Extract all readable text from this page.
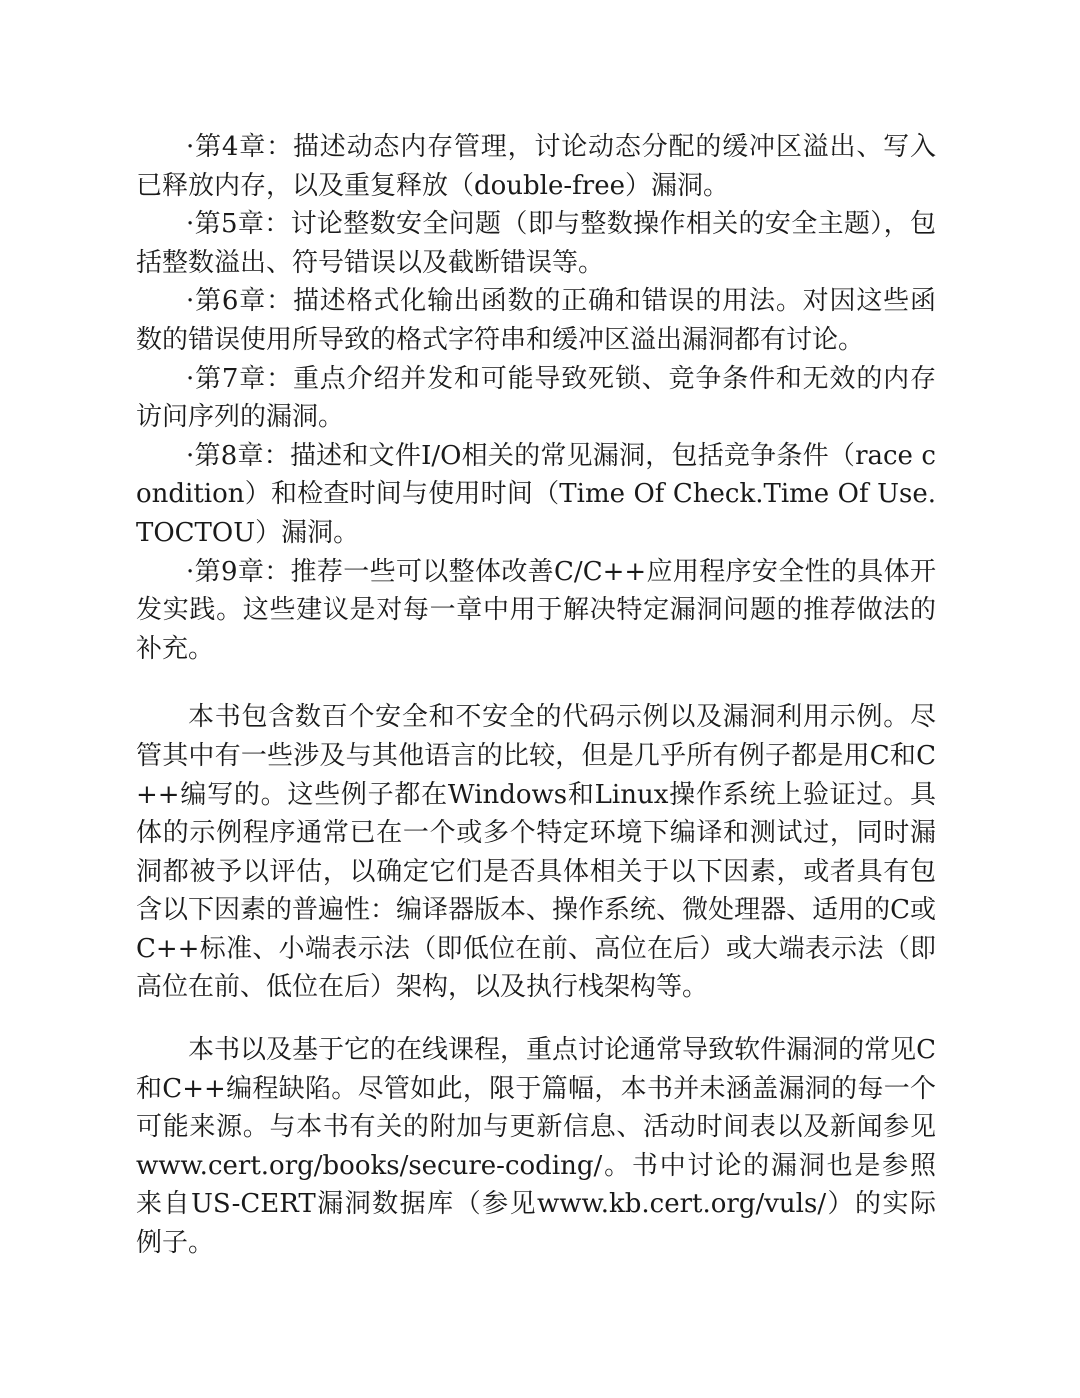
·第4章：描述动态内存管理，讨论动态分配的缓冲区溢出、写入已释放内存，以及重复释放（double-free）漏洞。

·第5章：讨论整数安全问题（即与整数操作相关的安全主题），包括整数溢出、符号错误以及截断错误等。

·第6章：描述格式化输出函数的正确和错误的用法。对因这些函数的错误使用所导致的格式字符串和缓冲区溢出漏洞都有讨论。

·第7章：重点介绍并发和可能导致死锁、竞争条件和无效的内存访问序列的漏洞。

·第8章：描述和文件I/O相关的常见漏洞，包括竞争条件（race condition）和检查时间与使用时间（Time Of Check.Time Of Use.TOCTOU）漏洞。

·第9章：推荐一些可以整体改善C/C++应用程序安全性的具体开发实践。这些建议是对每一章中用于解决特定漏洞问题的推荐做法的补充。

本书包含数百个安全和不安全的代码示例以及漏洞利用示例。尽管其中有一些涉及与其他语言的比较，但是几乎所有例子都是用C和C++编写的。这些例子都在Windows和Linux操作系统上验证过。具体的示例程序通常已在一个或多个特定环境下编译和测试过，同时漏洞都被予以评估，以确定它们是否具体相关于以下因素，或者具有包含以下因素的普遍性：编译器版本、操作系统、微处理器、适用的C或C++标准、小端表示法（即低位在前、高位在后）或大端表示法（即高位在前、低位在后）架构，以及执行栈架构等。

本书以及基于它的在线课程，重点讨论通常导致软件漏洞的常见C和C++编程缺陷。尽管如此，限于篇幅，本书并未涵盖漏洞的每一个可能来源。与本书有关的附加与更新信息、活动时间表以及新闻参见www.cert.org/books/secure-coding/。书中讨论的漏洞也是参照来自US-CERT漏洞数据库（参见www.kb.cert.org/vuls/）的实际例子。
